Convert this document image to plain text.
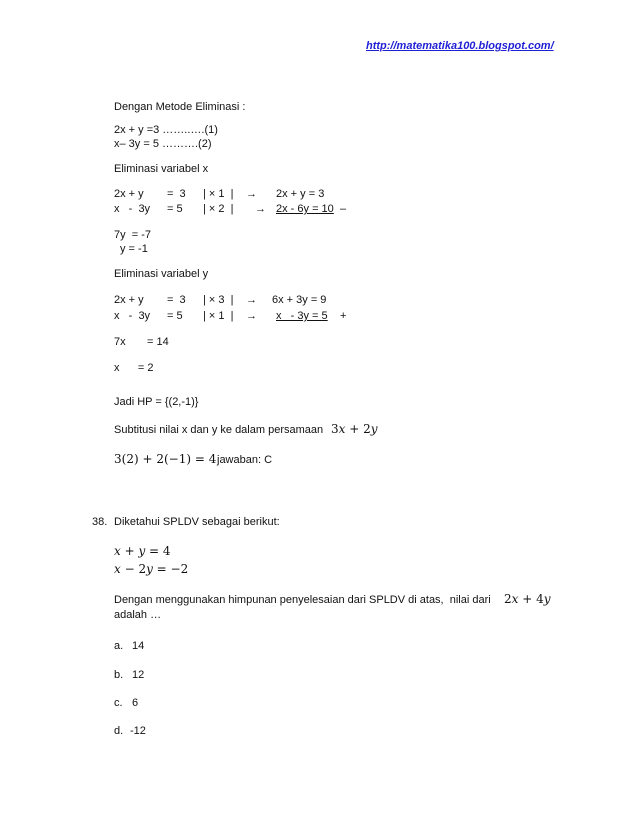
http://matematika100.blogspot.com/
Dengan Metode Eliminasi :
2x + y =3 ……..….(1)
x– 3y = 5 ……….(2)
Eliminasi variabel x
2x + y =  3 | × 1  | → 2x + y = 3
x   -  3y = 5 | × 2  | → 2x - 6y = 10 –
7y  = -7
y = -1
Eliminasi variabel y
2x + y =  3 | × 3  | → 6x + 3y = 9
x   -  3y = 5 | × 1  | → x   - 3y = 5 +
7x       = 14
x      = 2
Jadi HP = {(2,-1)}
Subtitusi nilai x dan y ke dalam persamaan 3𝑥 + 2𝑦
3(2) + 2(−1) = 4 jawaban: C
38. Diketahui SPLDV sebagai berikut:
𝑥 + 𝑦 = 4
𝑥 − 2𝑦 = −2
Dengan menggunakan himpunan penyelesaian dari SPLDV di atas,  nilai dari 2𝑥 + 4𝑦
adalah …
a. 14
b. 12
c. 6
d. -12
